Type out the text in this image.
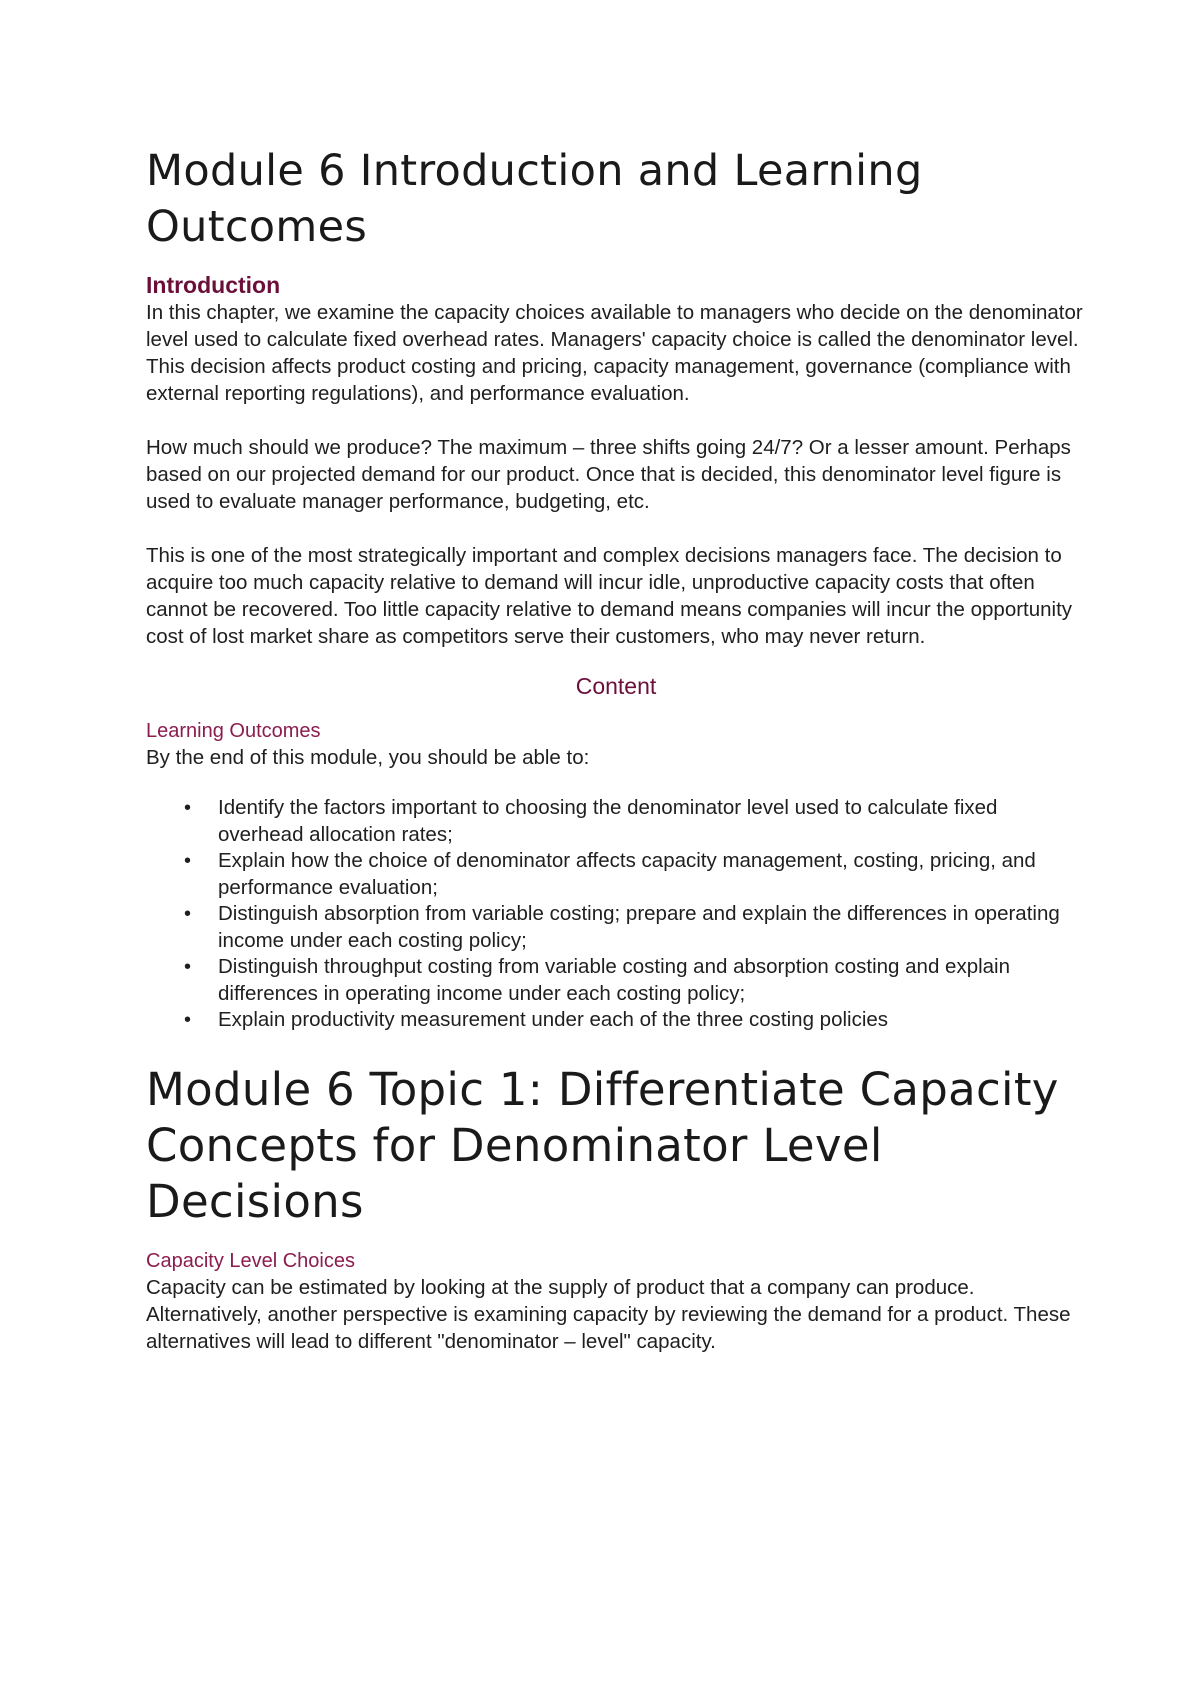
Module 6 Introduction and Learning Outcomes
Introduction

In this chapter, we examine the capacity choices available to managers who decide on the denominator level used to calculate fixed overhead rates. Managers' capacity choice is called the denominator level. This decision affects product costing and pricing, capacity management, governance (compliance with external reporting regulations), and performance evaluation.

How much should we produce? The maximum – three shifts going 24/7? Or a lesser amount. Perhaps based on our projected demand for our product. Once that is decided, this denominator level figure is used to evaluate manager performance, budgeting, etc.

This is one of the most strategically important and complex decisions managers face. The decision to acquire too much capacity relative to demand will incur idle, unproductive capacity costs that often cannot be recovered. Too little capacity relative to demand means companies will incur the opportunity cost of lost market share as competitors serve their customers, who may never return.

Content
Learning Outcomes

By the end of this module, you should be able to:

• Identify the factors important to choosing the denominator level used to calculate fixed overhead allocation rates;
• Explain how the choice of denominator affects capacity management, costing, pricing, and performance evaluation;
• Distinguish absorption from variable costing; prepare and explain the differences in operating income under each costing policy;
• Distinguish throughput costing from variable costing and absorption costing and explain differences in operating income under each costing policy;
• Explain productivity measurement under each of the three costing policies
Module 6 Topic 1: Differentiate Capacity Concepts for Denominator Level Decisions
Capacity Level Choices

Capacity can be estimated by looking at the supply of product that a company can produce. Alternatively, another perspective is examining capacity by reviewing the demand for a product. These alternatives will lead to different "denominator – level" capacity.
